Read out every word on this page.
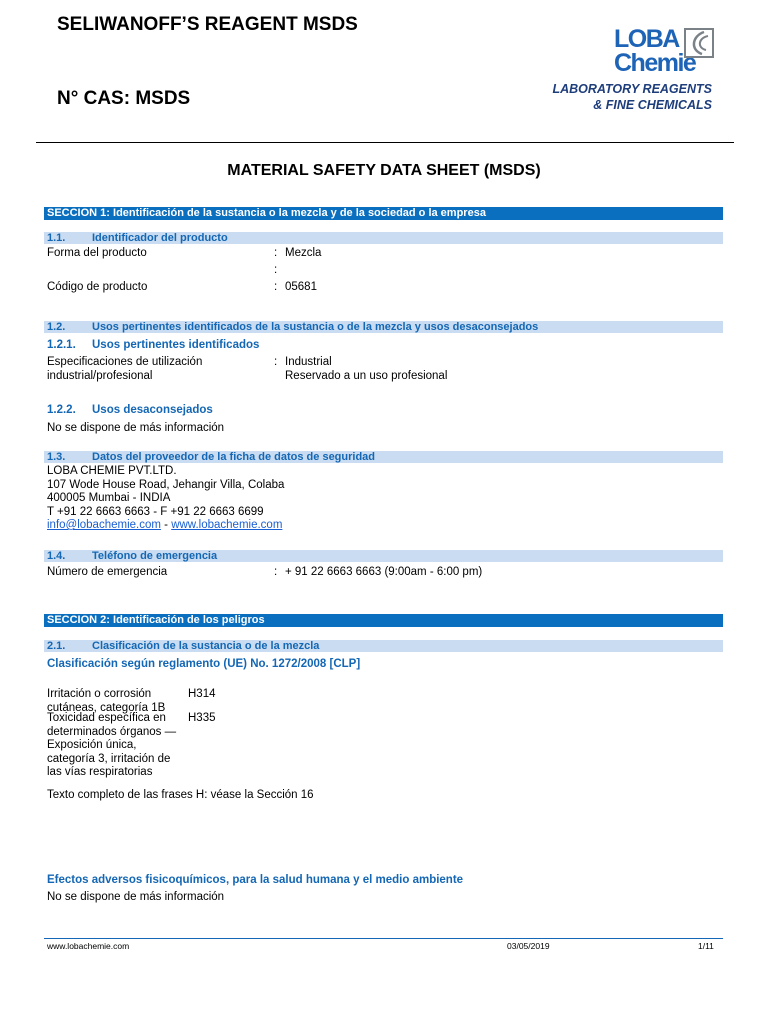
SELIWANOFF’S REAGENT MSDS
N° CAS: MSDS
LOBA
Chemie
LABORATORY REAGENTS
& FINE CHEMICALS
MATERIAL SAFETY DATA SHEET (MSDS)
SECCION 1: Identificación de la sustancia o la mezcla y de la sociedad o la empresa
1.1. Identificador del producto
Forma del producto	: Mezcla
:
Código de producto	: 05681
1.2. Usos pertinentes identificados de la sustancia o de la mezcla y usos desaconsejados
1.2.1. Usos pertinentes identificados
Especificaciones de utilización
industrial/profesional
: Industrial
Reservado a un uso profesional
1.2.2. Usos desaconsejados
No se dispone de más información
1.3. Datos del proveedor de la ficha de datos de seguridad
LOBA CHEMIE PVT.LTD.
107 Wode House Road, Jehangir Villa, Colaba
400005 Mumbai - INDIA
T +91 22 6663 6663 - F +91 22 6663 6699
info@lobachemie.com - www.lobachemie.com
1.4. Teléfono de emergencia
Número de emergencia	: + 91 22 6663 6663 (9:00am - 6:00 pm)
SECCION 2: Identificación de los peligros
2.1. Clasificación de la sustancia o de la mezcla
Clasificación según reglamento (UE) No. 1272/2008 [CLP]
Irritación o corrosión
cutáneas, categoría 1B
H314
Toxicidad específica en
determinados órganos —
Exposición única,
categoría 3, irritación de
las vías respiratorias
H335
Texto completo de las frases H: véase la Sección 16
Efectos adversos fisicoquímicos, para la salud humana y el medio ambiente
No se dispone de más información
www.lobachemie.com	03/05/2019	1/11
